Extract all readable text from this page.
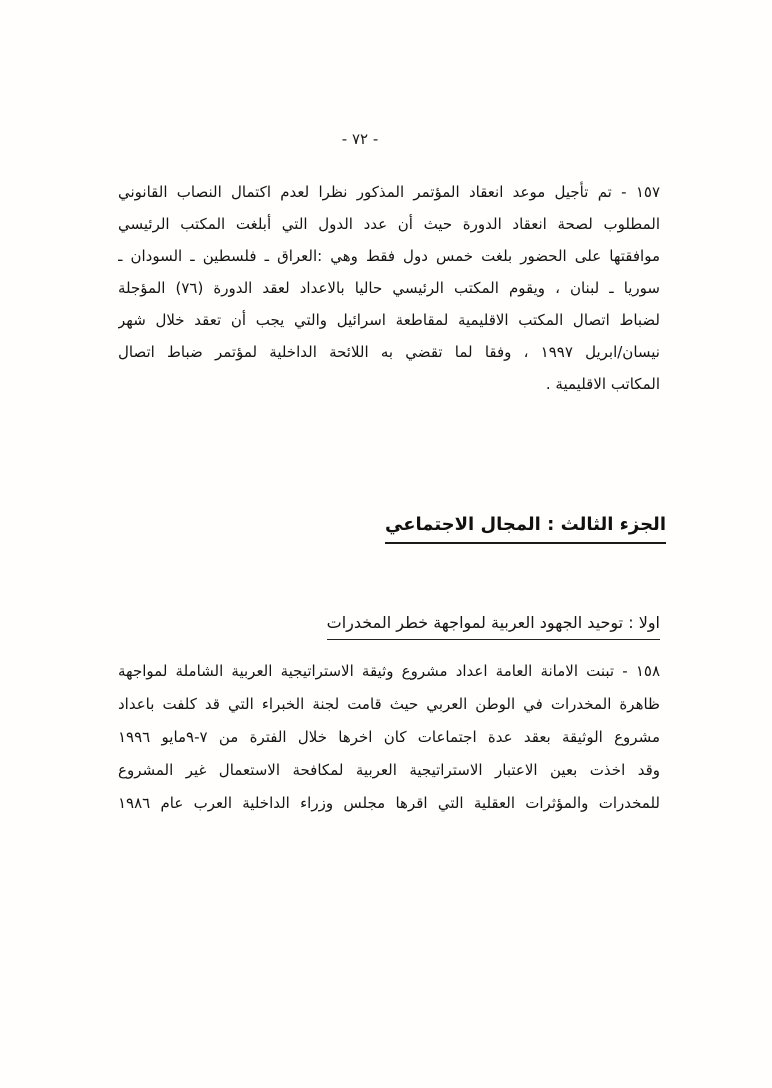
- ٧٢ -
١٥٧ - تم تأجيل موعد انعقاد المؤتمر المذكور نظرا لعدم اكتمال النصاب القانوني
المطلوب لصحة انعقاد الدورة حيث أن عدد الدول التي أبلغت المكتب الرئيسي
موافقتها على الحضور بلغت خمس دول فقط وهي :العراق ـ فلسطين ـ السودان ـ
سوريا ـ لبنان ، ويقوم المكتب الرئيسي حاليا بالاعداد لعقد الدورة (٧٦) المؤجلة
لضباط اتصال المكتب الاقليمية لمقاطعة اسرائيل والتي يجب أن تعقد خلال شهر
نيسان/ابريل ١٩٩٧ ، وفقا لما تقضي به اللائحة الداخلية لمؤتمر ضباط اتصال
المكاتب الاقليمية .
الجزء الثالث : المجال الاجتماعي
اولا : توحيد الجهود العربية لمواجهة خطر المخدرات
١٥٨ - تبنت الامانة العامة اعداد مشروع وثيقة الاستراتيجية العربية الشاملة لمواجهة
ظاهرة المخدرات في الوطن العربي حيث قامت لجنة الخبراء التي قد كلفت باعداد
مشروع الوثيقة بعقد عدة اجتماعات كان اخرها خلال الفترة من ٧-٩مايو ١٩٩٦
وقد اخذت بعين الاعتبار الاستراتيجية العربية لمكافحة الاستعمال غير المشروع
للمخدرات والمؤثرات العقلية التي اقرها مجلس وزراء الداخلية العرب عام ١٩٨٦
